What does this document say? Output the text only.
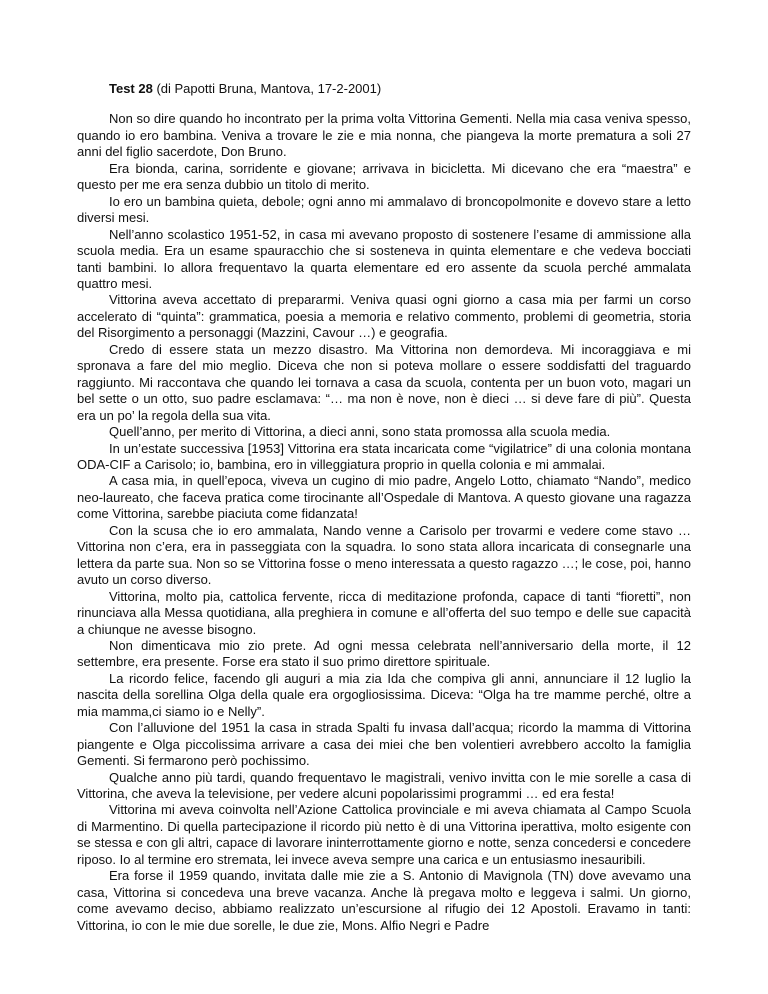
Test 28 (di Papotti Bruna, Mantova, 17-2-2001)

Non so dire quando ho incontrato per la prima volta Vittorina Gementi. Nella mia casa veniva spesso, quando io ero bambina. Veniva a trovare le zie e mia nonna, che piangeva la morte prematura a soli 27 anni del figlio sacerdote, Don Bruno.

Era bionda, carina, sorridente e giovane; arrivava in bicicletta. Mi dicevano che era “maestra” e questo per me era senza dubbio un titolo di merito.

Io ero un bambina quieta, debole; ogni anno mi ammalavo di broncopolmonite e dovevo stare a letto diversi mesi.

Nell’anno scolastico 1951-52, in casa mi avevano proposto di sostenere l’esame di ammissione alla scuola media. Era un esame spauracchio che si sosteneva in quinta elementare e che vedeva bocciati tanti bambini. Io allora frequentavo la quarta elementare ed ero assente da scuola perché ammalata quattro mesi.

Vittorina aveva accettato di prepararmi. Veniva quasi ogni giorno a casa mia per farmi un corso accelerato di “quinta”: grammatica, poesia a memoria e relativo commento, problemi di geometria, storia del Risorgimento a personaggi (Mazzini, Cavour …) e geografia.

Credo di essere stata un mezzo disastro. Ma Vittorina non demordeva. Mi incoraggiava e mi spronava a fare del mio meglio. Diceva che non si poteva mollare o essere soddisfatti del traguardo raggiunto. Mi raccontava che quando lei tornava a casa da scuola, contenta per un buon voto, magari un bel sette o un otto, suo padre esclamava: “… ma non è nove, non è dieci … si deve fare di più”. Questa era un po’ la regola della sua vita.

Quell’anno, per merito di Vittorina, a dieci anni, sono stata promossa alla scuola media.

In un’estate successiva [1953] Vittorina era stata incaricata come “vigilatrice” di una colonia montana ODA-CIF a Carisolo; io, bambina, ero in villeggiatura proprio in quella colonia e mi ammalai.

A casa mia, in quell’epoca, viveva un cugino di mio padre, Angelo Lotto, chiamato “Nando”, medico neo-laureato, che faceva pratica come tirocinante all’Ospedale di Mantova. A questo giovane una ragazza come Vittorina, sarebbe piaciuta come fidanzata!

Con la scusa che io ero ammalata, Nando venne a Carisolo per trovarmi e vedere come stavo … Vittorina non c’era, era in passeggiata con la squadra. Io sono stata allora incaricata di consegnarle una lettera da parte sua. Non so se Vittorina fosse o meno interessata a questo ragazzo …; le cose, poi, hanno avuto un corso diverso.

Vittorina, molto pia, cattolica fervente, ricca di meditazione profonda, capace di tanti “fioretti”, non rinunciava alla Messa quotidiana, alla preghiera in comune e all’offerta del suo tempo e delle sue capacità a chiunque ne avesse bisogno.

Non dimenticava mio zio prete. Ad ogni messa celebrata nell’anniversario della morte, il 12 settembre, era presente. Forse era stato il suo primo direttore spirituale.

La ricordo felice, facendo gli auguri a mia zia Ida che compiva gli anni, annunciare il 12 luglio la nascita della sorellina Olga della quale era orgogliosissima. Diceva: “Olga ha tre mamme perché, oltre a mia mamma,ci siamo io e Nelly”.

Con l’alluvione del 1951 la casa in strada Spalti fu invasa dall’acqua; ricordo la mamma di Vittorina piangente e Olga piccolissima arrivare a casa dei miei che ben volentieri avrebbero accolto la famiglia Gementi. Si fermarono però pochissimo.

Qualche anno più tardi, quando frequentavo le magistrali, venivo invitta con le mie sorelle a casa di Vittorina, che aveva la televisione, per vedere alcuni popolarissimi programmi … ed era festa!

Vittorina mi aveva coinvolta nell’Azione Cattolica provinciale e mi aveva chiamata al Campo Scuola di Marmentino. Di quella partecipazione il ricordo più netto è di una Vittorina iperattiva, molto esigente con se stessa e con gli altri, capace di lavorare ininterrottamente giorno e notte, senza concedersi e concedere riposo. Io al termine ero stremata, lei invece aveva sempre una carica e un entusiasmo inesauribili.

Era forse il 1959 quando, invitata dalle mie zie a S. Antonio di Mavignola (TN) dove avevamo una casa, Vittorina si concedeva una breve vacanza. Anche là pregava molto e leggeva i salmi. Un giorno, come avevamo deciso, abbiamo realizzato un’escursione al rifugio dei 12 Apostoli. Eravamo in tanti: Vittorina, io con le mie due sorelle, le due zie, Mons. Alfio Negri e Padre
